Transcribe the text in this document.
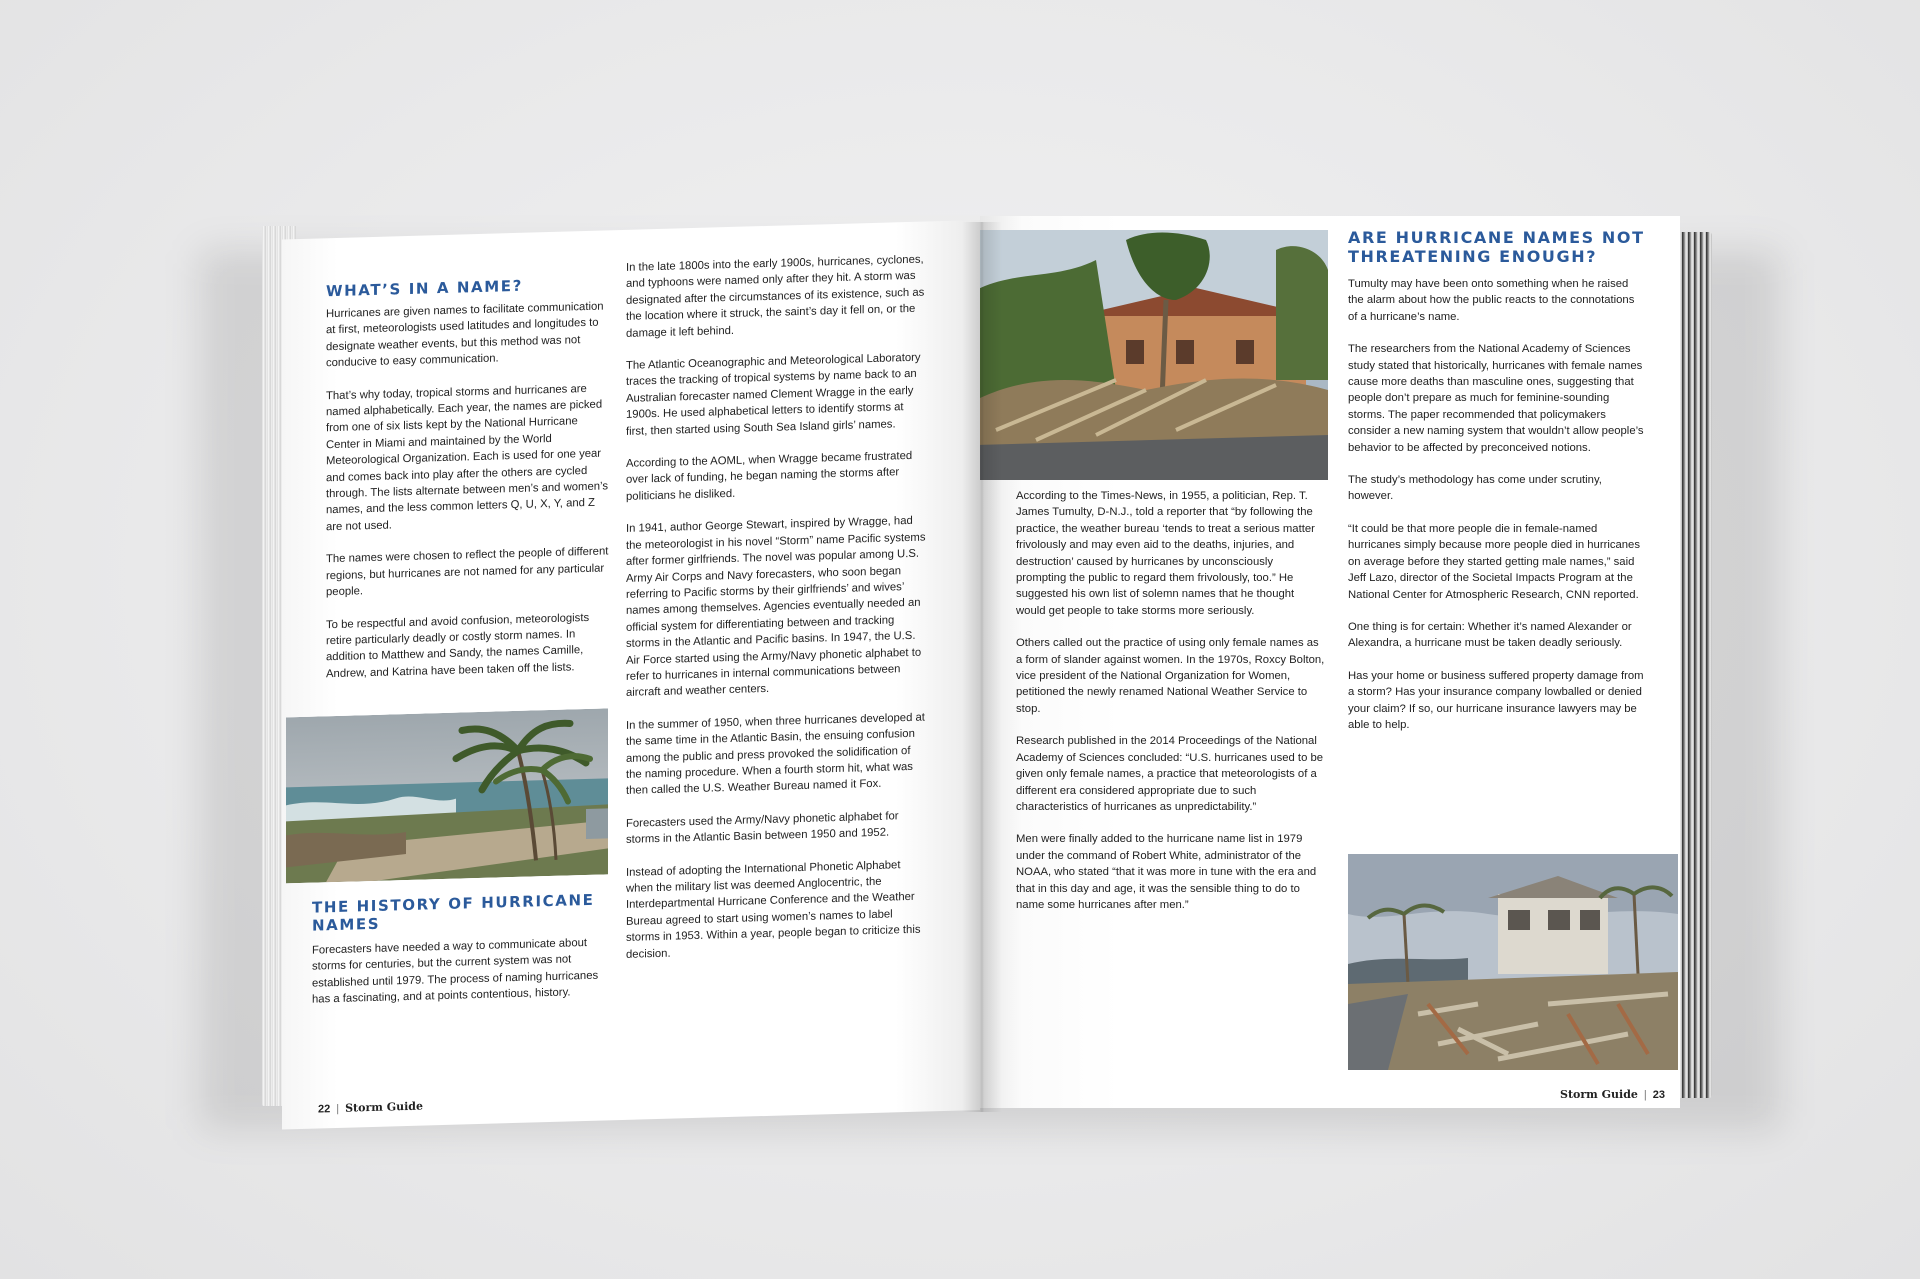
WHAT’S IN A NAME?

Hurricanes are given names to facilitate communication at first, meteorologists used latitudes and longitudes to designate weather events, but this method was not conducive to easy communication.

That’s why today, tropical storms and hurricanes are named alphabetically. Each year, the names are picked from one of six lists kept by the National Hurricane Center in Miami and maintained by the World Meteorological Organization. Each is used for one year and comes back into play after the others are cycled through. The lists alternate between men’s and women’s names, and the less common letters Q, U, X, Y, and Z are not used.

The names were chosen to reflect the people of different regions, but hurricanes are not named for any particular people.

To be respectful and avoid confusion, meteorologists retire particularly deadly or costly storm names. In addition to Matthew and Sandy, the names Camille, Andrew, and Katrina have been taken off the lists.

THE HISTORY OF HURRICANE NAMES

Forecasters have needed a way to communicate about storms for centuries, but the current system was not established until 1979. The process of naming hurricanes has a fascinating, and at points contentious, history.

In the late 1800s into the early 1900s, hurricanes, cyclones, and typhoons were named only after they hit. A storm was designated after the circumstances of its existence, such as the location where it struck, the saint’s day it fell on, or the damage it left behind.

The Atlantic Oceanographic and Meteorological Laboratory traces the tracking of tropical systems by name back to an Australian forecaster named Clement Wragge in the early 1900s. He used alphabetical letters to identify storms at first, then started using South Sea Island girls’ names.

According to the AOML, when Wragge became frustrated over lack of funding, he began naming the storms after politicians he disliked.

In 1941, author George Stewart, inspired by Wragge, had the meteorologist in his novel “Storm” name Pacific systems after former girlfriends. The novel was popular among U.S. Army Air Corps and Navy forecasters, who soon began referring to Pacific storms by their girlfriends’ and wives’ names among themselves. Agencies eventually needed an official system for differentiating between and tracking storms in the Atlantic and Pacific basins. In 1947, the U.S. Air Force started using the Army/Navy phonetic alphabet to refer to hurricanes in internal communications between aircraft and weather centers.

In the summer of 1950, when three hurricanes developed at the same time in the Atlantic Basin, the ensuing confusion among the public and press provoked the solidification of the naming procedure. When a fourth storm hit, what was then called the U.S. Weather Bureau named it Fox.

Forecasters used the Army/Navy phonetic alphabet for storms in the Atlantic Basin between 1950 and 1952.

Instead of adopting the International Phonetic Alphabet when the military list was deemed Anglocentric, the Interdepartmental Hurricane Conference and the Weather Bureau agreed to start using women’s names to label storms in 1953. Within a year, people began to criticize this decision.

22 | Storm Guide

According to the Times-News, in 1955, a politician, Rep. T. James Tumulty, D-N.J., told a reporter that “by following the practice, the weather bureau ‘tends to treat a serious matter frivolously and may even aid to the deaths, injuries, and destruction’ caused by hurricanes by unconsciously prompting the public to regard them frivolously, too.” He suggested his own list of solemn names that he thought would get people to take storms more seriously.

Others called out the practice of using only female names as a form of slander against women. In the 1970s, Roxcy Bolton, vice president of the National Organization for Women, petitioned the newly renamed National Weather Service to stop.

Research published in the 2014 Proceedings of the National Academy of Sciences concluded: “U.S. hurricanes used to be given only female names, a practice that meteorologists of a different era considered appropriate due to such characteristics of hurricanes as unpredictability.”

Men were finally added to the hurricane name list in 1979 under the command of Robert White, administrator of the NOAA, who stated “that it was more in tune with the era and that in this day and age, it was the sensible thing to do to name some hurricanes after men.”

ARE HURRICANE NAMES NOT THREATENING ENOUGH?

Tumulty may have been onto something when he raised the alarm about how the public reacts to the connotations of a hurricane’s name.

The researchers from the National Academy of Sciences study stated that historically, hurricanes with female names cause more deaths than masculine ones, suggesting that people don’t prepare as much for feminine-sounding storms. The paper recommended that policymakers consider a new naming system that wouldn’t allow people’s behavior to be affected by preconceived notions.

The study’s methodology has come under scrutiny, however.

“It could be that more people die in female-named hurricanes simply because more people died in hurricanes on average before they started getting male names,” said Jeff Lazo, director of the Societal Impacts Program at the National Center for Atmospheric Research, CNN reported.

One thing is for certain: Whether it’s named Alexander or Alexandra, a hurricane must be taken deadly seriously.

Has your home or business suffered property damage from a storm? Has your insurance company lowballed or denied your claim? If so, our hurricane insurance lawyers may be able to help.

Storm Guide | 23
